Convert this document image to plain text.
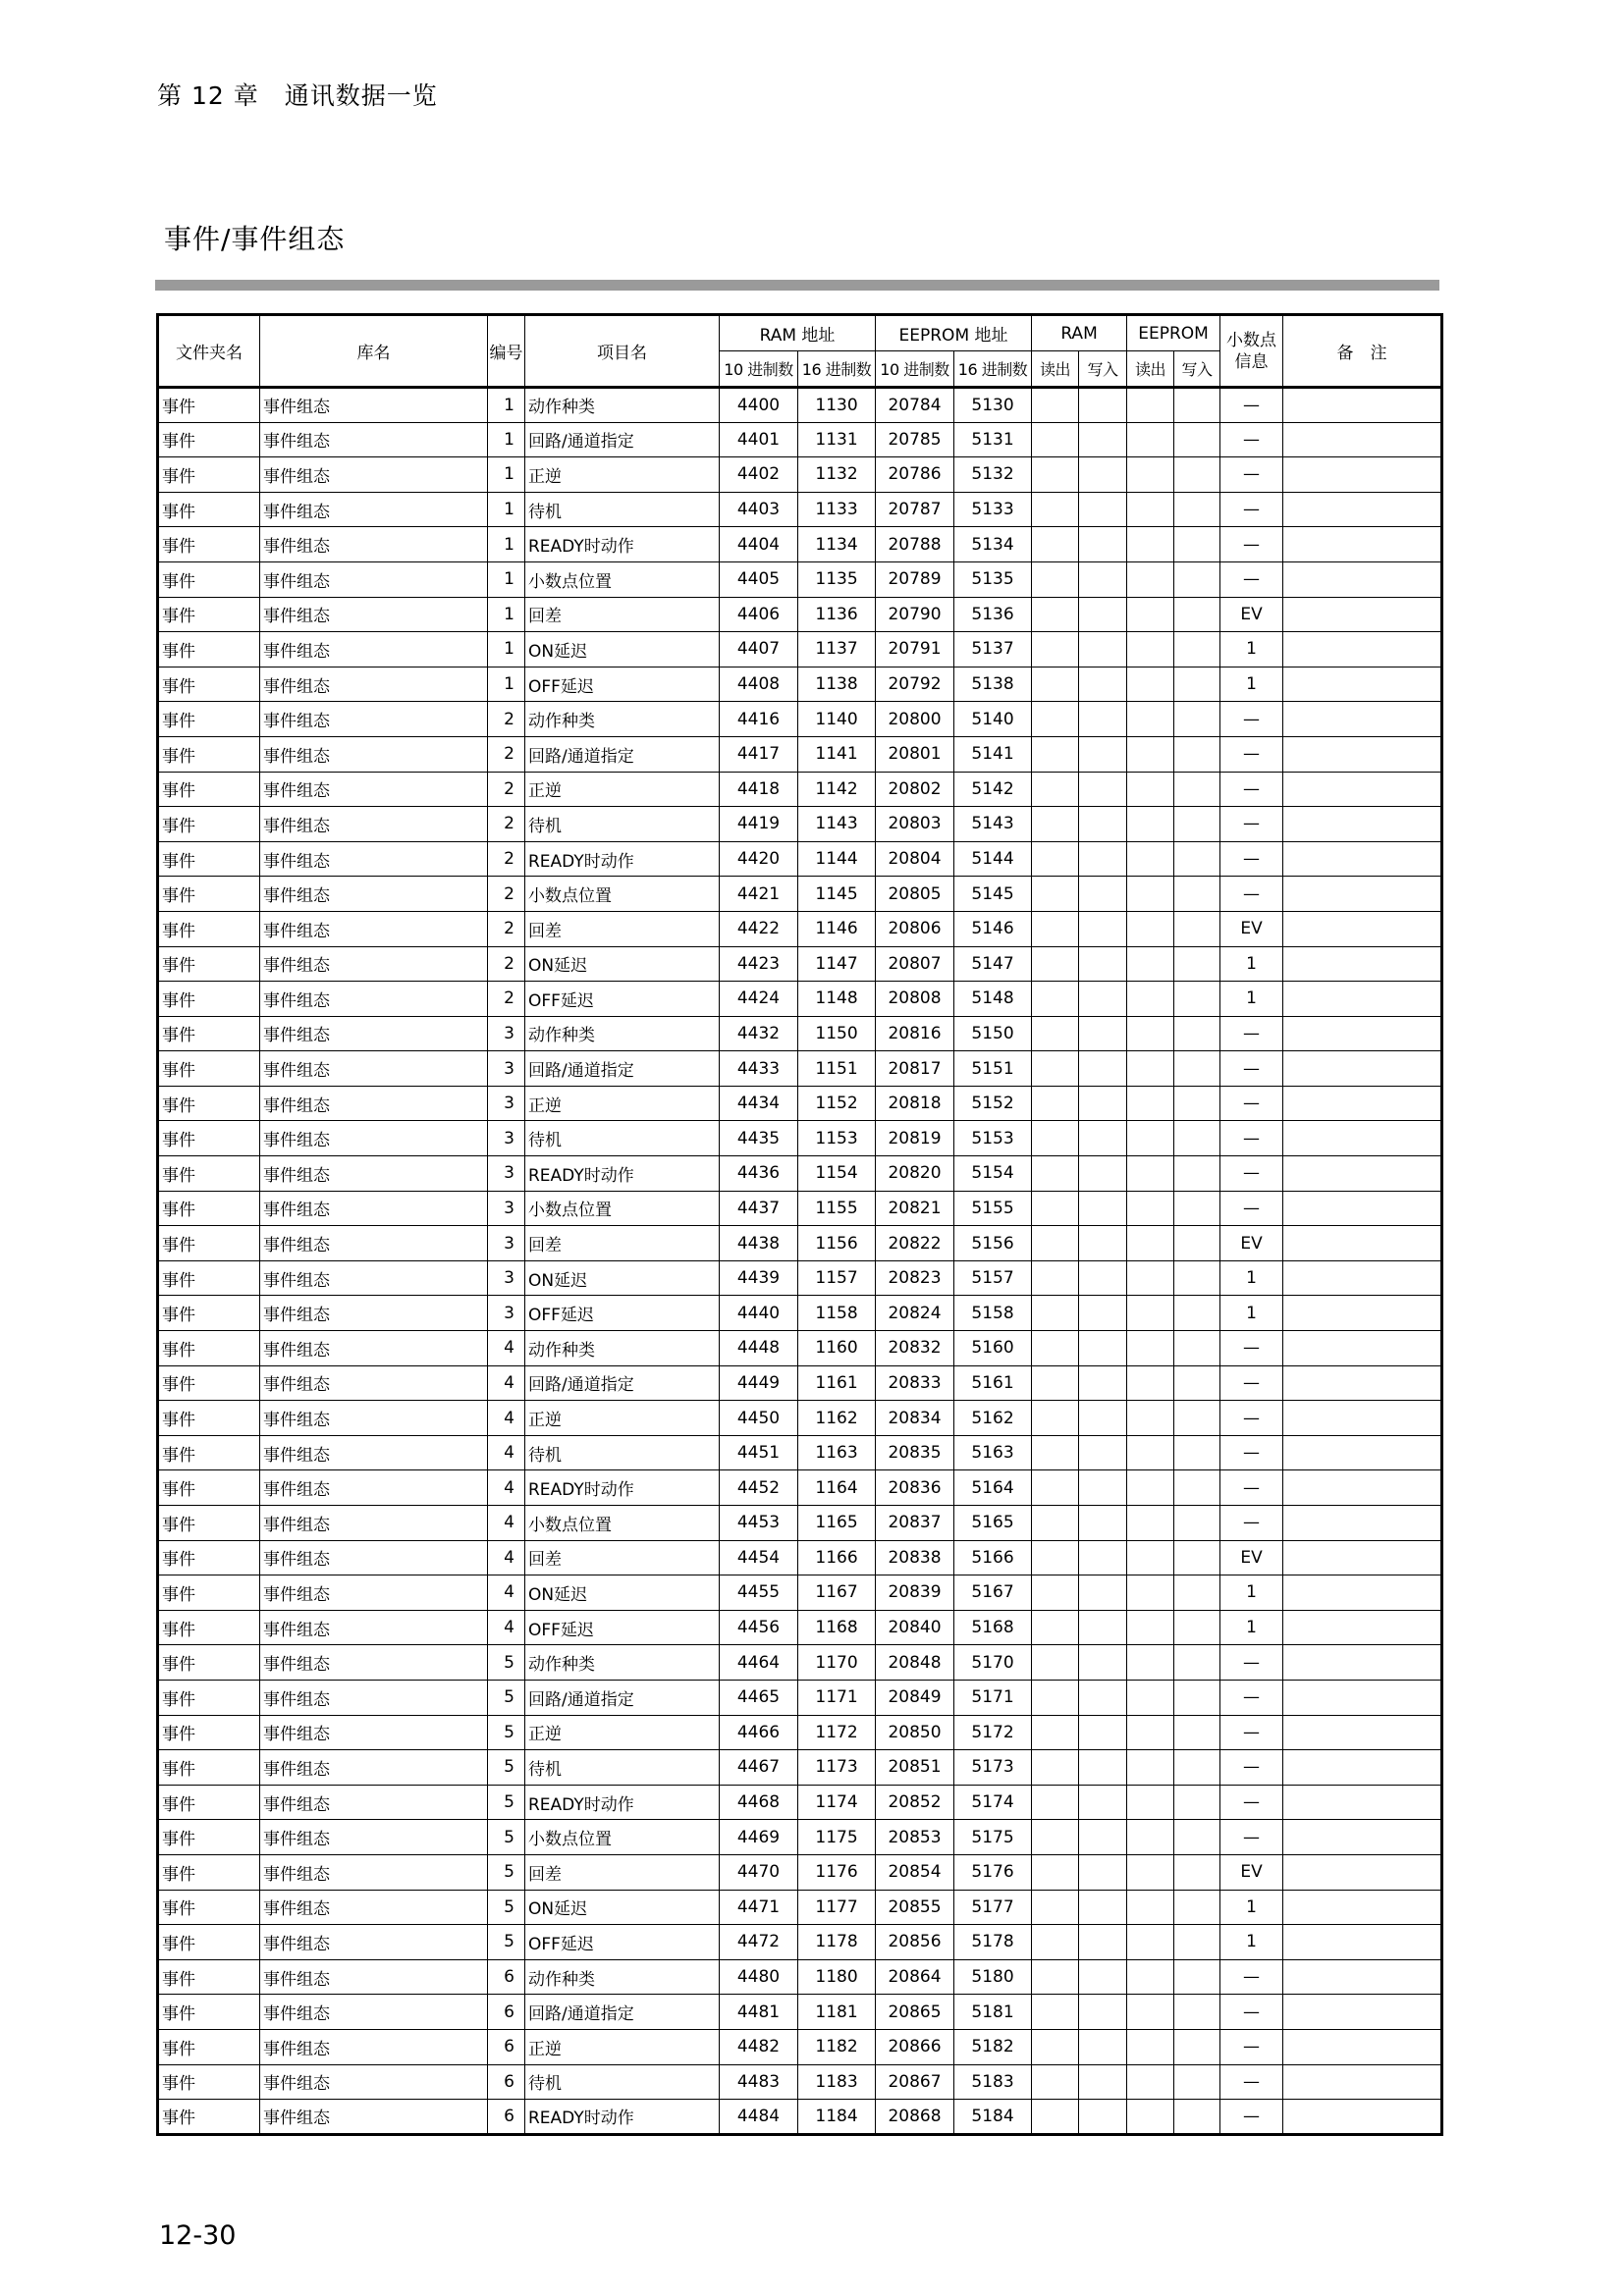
第 12 章　通讯数据一览
事件/事件组态
文件夹名	库名	编号	项目名	RAM 地址		EEPROM 地址		RAM		EEPROM		小数点信息	备　注
				10 进制数	16 进制数	10 进制数	16 进制数	读出	写入	读出	写入		
事件	事件组态	1	动作种类	4400	1130	20784	5130					—	
事件	事件组态	1	回路/通道指定	4401	1131	20785	5131					—	
事件	事件组态	1	正逆	4402	1132	20786	5132					—	
事件	事件组态	1	待机	4403	1133	20787	5133					—	
事件	事件组态	1	READY时动作	4404	1134	20788	5134					—	
事件	事件组态	1	小数点位置	4405	1135	20789	5135					—	
事件	事件组态	1	回差	4406	1136	20790	5136					EV	
事件	事件组态	1	ON延迟	4407	1137	20791	5137					1	
事件	事件组态	1	OFF延迟	4408	1138	20792	5138					1	
事件	事件组态	2	动作种类	4416	1140	20800	5140					—	
事件	事件组态	2	回路/通道指定	4417	1141	20801	5141					—	
事件	事件组态	2	正逆	4418	1142	20802	5142					—	
事件	事件组态	2	待机	4419	1143	20803	5143					—	
事件	事件组态	2	READY时动作	4420	1144	20804	5144					—	
事件	事件组态	2	小数点位置	4421	1145	20805	5145					—	
事件	事件组态	2	回差	4422	1146	20806	5146					EV	
事件	事件组态	2	ON延迟	4423	1147	20807	5147					1	
事件	事件组态	2	OFF延迟	4424	1148	20808	5148					1	
事件	事件组态	3	动作种类	4432	1150	20816	5150					—	
事件	事件组态	3	回路/通道指定	4433	1151	20817	5151					—	
事件	事件组态	3	正逆	4434	1152	20818	5152					—	
事件	事件组态	3	待机	4435	1153	20819	5153					—	
事件	事件组态	3	READY时动作	4436	1154	20820	5154					—	
事件	事件组态	3	小数点位置	4437	1155	20821	5155					—	
事件	事件组态	3	回差	4438	1156	20822	5156					EV	
事件	事件组态	3	ON延迟	4439	1157	20823	5157					1	
事件	事件组态	3	OFF延迟	4440	1158	20824	5158					1	
事件	事件组态	4	动作种类	4448	1160	20832	5160					—	
事件	事件组态	4	回路/通道指定	4449	1161	20833	5161					—	
事件	事件组态	4	正逆	4450	1162	20834	5162					—	
事件	事件组态	4	待机	4451	1163	20835	5163					—	
事件	事件组态	4	READY时动作	4452	1164	20836	5164					—	
事件	事件组态	4	小数点位置	4453	1165	20837	5165					—	
事件	事件组态	4	回差	4454	1166	20838	5166					EV	
事件	事件组态	4	ON延迟	4455	1167	20839	5167					1	
事件	事件组态	4	OFF延迟	4456	1168	20840	5168					1	
事件	事件组态	5	动作种类	4464	1170	20848	5170					—	
事件	事件组态	5	回路/通道指定	4465	1171	20849	5171					—	
事件	事件组态	5	正逆	4466	1172	20850	5172					—	
事件	事件组态	5	待机	4467	1173	20851	5173					—	
事件	事件组态	5	READY时动作	4468	1174	20852	5174					—	
事件	事件组态	5	小数点位置	4469	1175	20853	5175					—	
事件	事件组态	5	回差	4470	1176	20854	5176					EV	
事件	事件组态	5	ON延迟	4471	1177	20855	5177					1	
事件	事件组态	5	OFF延迟	4472	1178	20856	5178					1	
事件	事件组态	6	动作种类	4480	1180	20864	5180					—	
事件	事件组态	6	回路/通道指定	4481	1181	20865	5181					—	
事件	事件组态	6	正逆	4482	1182	20866	5182					—	
事件	事件组态	6	待机	4483	1183	20867	5183					—	
事件	事件组态	6	READY时动作	4484	1184	20868	5184					—	
12-30
